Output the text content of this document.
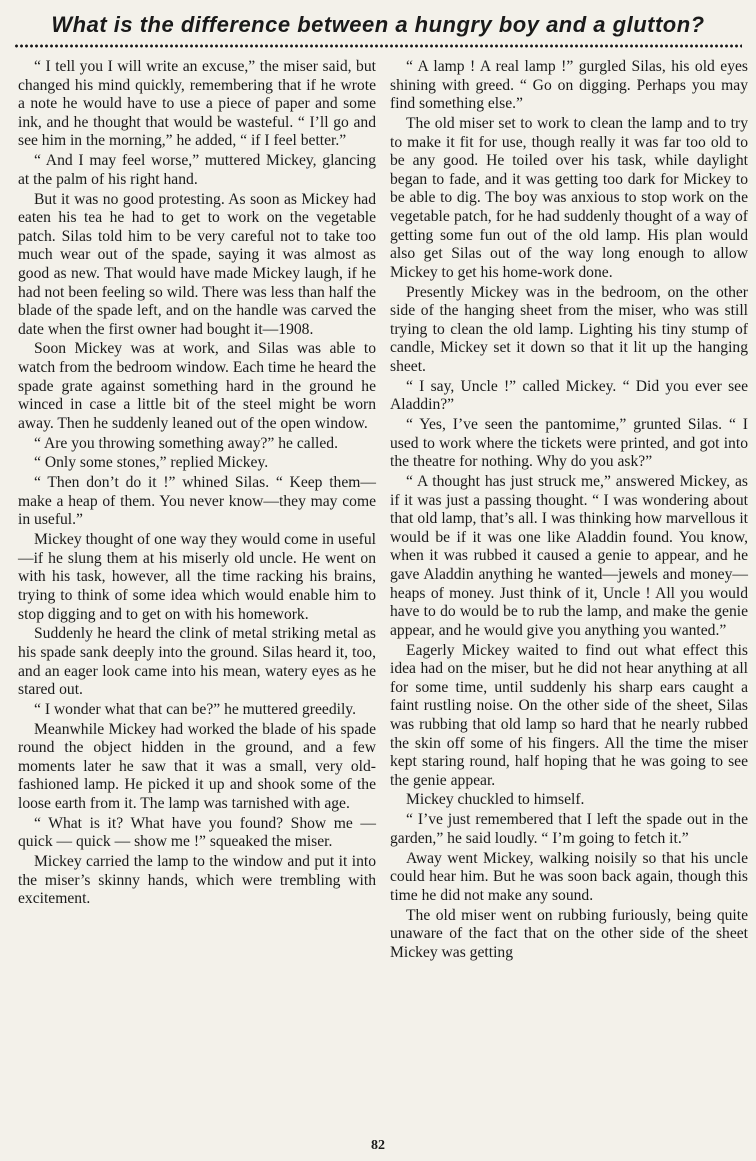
What is the difference between a hungry boy and a glutton?

“ I tell you I will write an excuse,” the miser said, but changed his mind quickly, remembering that if he wrote a note he would have to use a piece of paper and some ink, and he thought that would be wasteful. “ I’ll go and see him in the morning,” he added, “ if I feel better.”

“ And I may feel worse,” muttered Mickey, glancing at the palm of his right hand.

But it was no good protesting. As soon as Mickey had eaten his tea he had to get to work on the vegetable patch. Silas told him to be very careful not to take too much wear out of the spade, saying it was almost as good as new. That would have made Mickey laugh, if he had not been feeling so wild. There was less than half the blade of the spade left, and on the handle was carved the date when the first owner had bought it—1908.

Soon Mickey was at work, and Silas was able to watch from the bedroom window. Each time he heard the spade grate against something hard in the ground he winced in case a little bit of the steel might be worn away. Then he suddenly leaned out of the open window.

“ Are you throwing something away?” he called.

“ Only some stones,” replied Mickey.

“ Then don’t do it !” whined Silas. “ Keep them—make a heap of them. You never know—they may come in useful.”

Mickey thought of one way they would come in useful—if he slung them at his miserly old uncle. He went on with his task, however, all the time racking his brains, trying to think of some idea which would enable him to stop digging and to get on with his homework.

Suddenly he heard the clink of metal striking metal as his spade sank deeply into the ground. Silas heard it, too, and an eager look came into his mean, watery eyes as he stared out.

“ I wonder what that can be?” he muttered greedily.

Meanwhile Mickey had worked the blade of his spade round the object hidden in the ground, and a few moments later he saw that it was a small, very old-fashioned lamp. He picked it up and shook some of the loose earth from it. The lamp was tarnished with age.

“ What is it? What have you found? Show me — quick — quick — show me !” squeaked the miser.

Mickey carried the lamp to the window and put it into the miser’s skinny hands, which were trembling with excitement.

“ A lamp ! A real lamp !” gurgled Silas, his old eyes shining with greed. “ Go on digging. Perhaps you may find something else.”

The old miser set to work to clean the lamp and to try to make it fit for use, though really it was far too old to be any good. He toiled over his task, while daylight began to fade, and it was getting too dark for Mickey to be able to dig. The boy was anxious to stop work on the vegetable patch, for he had suddenly thought of a way of getting some fun out of the old lamp. His plan would also get Silas out of the way long enough to allow Mickey to get his home-work done.

Presently Mickey was in the bedroom, on the other side of the hanging sheet from the miser, who was still trying to clean the old lamp. Lighting his tiny stump of candle, Mickey set it down so that it lit up the hanging sheet.

“ I say, Uncle !” called Mickey. “ Did you ever see Aladdin?”

“ Yes, I’ve seen the pantomime,” grunted Silas. “ I used to work where the tickets were printed, and got into the theatre for nothing. Why do you ask?”

“ A thought has just struck me,” answered Mickey, as if it was just a passing thought. “ I was wondering about that old lamp, that’s all. I was thinking how marvellous it would be if it was one like Aladdin found. You know, when it was rubbed it caused a genie to appear, and he gave Aladdin anything he wanted—jewels and money—heaps of money. Just think of it, Uncle ! All you would have to do would be to rub the lamp, and make the genie appear, and he would give you anything you wanted.”

Eagerly Mickey waited to find out what effect this idea had on the miser, but he did not hear anything at all for some time, until suddenly his sharp ears caught a faint rustling noise. On the other side of the sheet, Silas was rubbing that old lamp so hard that he nearly rubbed the skin off some of his fingers. All the time the miser kept staring round, half hoping that he was going to see the genie appear.

Mickey chuckled to himself.

“ I’ve just remembered that I left the spade out in the garden,” he said loudly. “ I’m going to fetch it.”

Away went Mickey, walking noisily so that his uncle could hear him. But he was soon back again, though this time he did not make any sound.

The old miser went on rubbing furiously, being quite unaware of the fact that on the other side of the sheet Mickey was getting

82
